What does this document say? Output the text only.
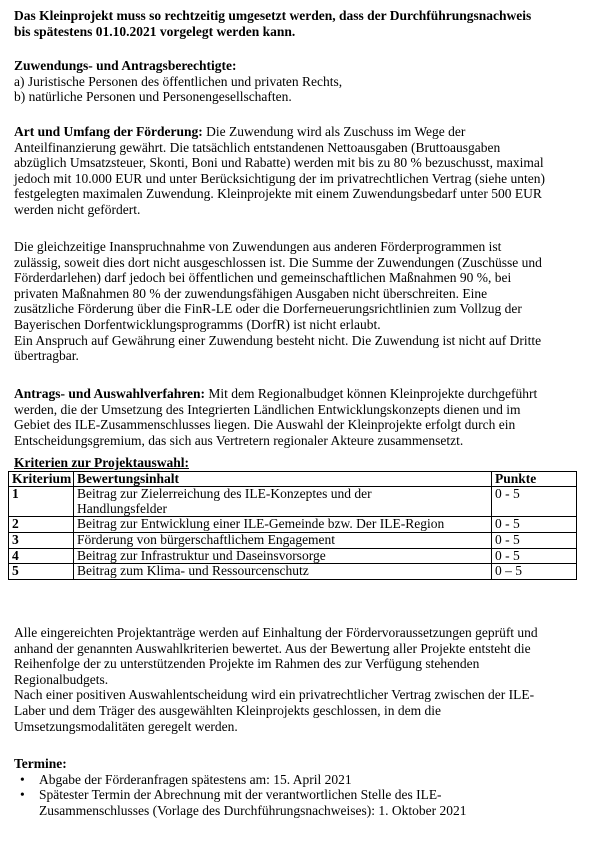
Das Kleinprojekt muss so rechtzeitig umgesetzt werden, dass der Durchführungsnachweis
bis spätestens 01.10.2021 vorgelegt werden kann.
Zuwendungs- und Antragsberechtigte:
a) Juristische Personen des öffentlichen und privaten Rechts,
b) natürliche Personen und Personengesellschaften.
Art und Umfang der Förderung: Die Zuwendung wird als Zuschuss im Wege der
Anteilfinanzierung gewährt. Die tatsächlich entstandenen Nettoausgaben (Bruttoausgaben
abzüglich Umsatzsteuer, Skonti, Boni und Rabatte) werden mit bis zu 80 % bezuschusst, maximal
jedoch mit 10.000 EUR und unter Berücksichtigung der im privatrechtlichen Vertrag (siehe unten)
festgelegten maximalen Zuwendung. Kleinprojekte mit einem Zuwendungsbedarf unter 500 EUR
werden nicht gefördert.
Die gleichzeitige Inanspruchnahme von Zuwendungen aus anderen Förderprogrammen ist
zulässig, soweit dies dort nicht ausgeschlossen ist. Die Summe der Zuwendungen (Zuschüsse und
Förderdarlehen) darf jedoch bei öffentlichen und gemeinschaftlichen Maßnahmen 90 %, bei
privaten Maßnahmen 80 % der zuwendungsfähigen Ausgaben nicht überschreiten. Eine
zusätzliche Förderung über die FinR-LE oder die Dorferneuerungsrichtlinien zum Vollzug der
Bayerischen Dorfentwicklungsprogramms (DorfR) ist nicht erlaubt.
Ein Anspruch auf Gewährung einer Zuwendung besteht nicht. Die Zuwendung ist nicht auf Dritte
übertragbar.
Antrags- und Auswahlverfahren: Mit dem Regionalbudget können Kleinprojekte durchgeführt
werden, die der Umsetzung des Integrierten Ländlichen Entwicklungskonzepts dienen und im
Gebiet des ILE-Zusammenschlusses liegen. Die Auswahl der Kleinprojekte erfolgt durch ein
Entscheidungsgremium, das sich aus Vertretern regionaler Akteure zusammensetzt.
Kriterien zur Projektauswahl:
Kriterium	Bewertungsinhalt	Punkte
1	Beitrag zur Zielerreichung des ILE-Konzeptes und der
Handlungsfelder	0 - 5
2	Beitrag zur Entwicklung einer ILE-Gemeinde bzw. Der ILE-Region	0 - 5
3	Förderung von bürgerschaftlichem Engagement	0 - 5
4	Beitrag zur Infrastruktur und Daseinsvorsorge	0 - 5
5	Beitrag zum Klima- und Ressourcenschutz	0 – 5
Alle eingereichten Projektanträge werden auf Einhaltung der Fördervoraussetzungen geprüft und
anhand der genannten Auswahlkriterien bewertet. Aus der Bewertung aller Projekte entsteht die
Reihenfolge der zu unterstützenden Projekte im Rahmen des zur Verfügung stehenden
Regionalbudgets.
Nach einer positiven Auswahlentscheidung wird ein privatrechtlicher Vertrag zwischen der ILE-
Laber und dem Träger des ausgewählten Kleinprojekts geschlossen, in dem die
Umsetzungsmodalitäten geregelt werden.
Termine:
• Abgabe der Förderanfragen spätestens am: 15. April 2021
• Spätester Termin der Abrechnung mit der verantwortlichen Stelle des ILE-
Zusammenschlusses (Vorlage des Durchführungsnachweises): 1. Oktober 2021
